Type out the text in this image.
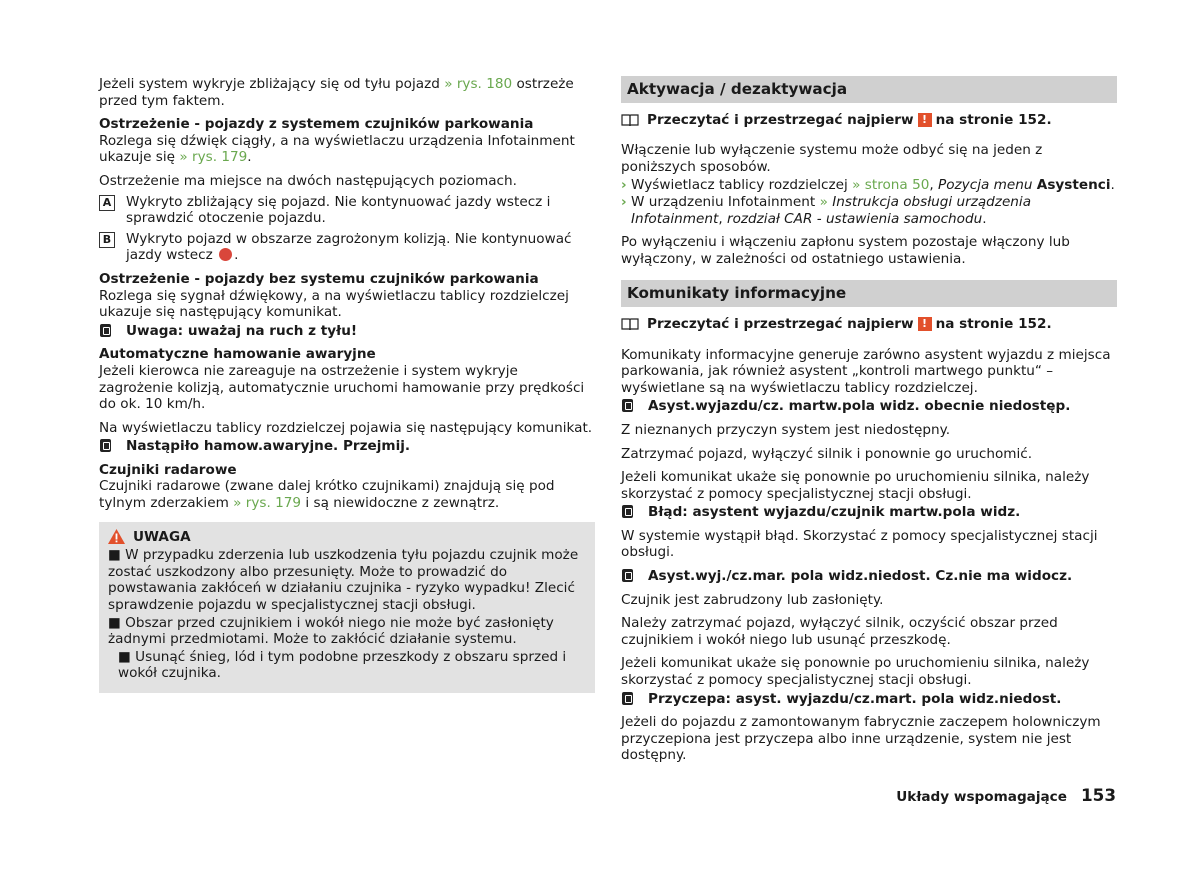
Jeżeli system wykryje zbliżający się od tyłu pojazd » rys. 180 ostrzeże przed tym faktem.

Ostrzeżenie - pojazdy z systemem czujników parkowania

Rozlega się dźwięk ciągły, a na wyświetlaczu urządzenia Infotainment ukazuje się » rys. 179.

Ostrzeżenie ma miejsce na dwóch następujących poziomach.

A Wykryto zbliżający się pojazd. Nie kontynuować jazdy wstecz i sprawdzić otoczenie pojazdu.
B Wykryto pojazd w obszarze zagrożonym kolizją. Nie kontynuować jazdy wstecz .
Ostrzeżenie - pojazdy bez systemu czujników parkowania
Rozlega się sygnał dźwiękowy, a na wyświetlaczu tablicy rozdzielczej ukazuje się następujący komunikat.
Uwaga: uważaj na ruch z tyłu!
Automatyczne hamowanie awaryjne

Jeżeli kierowca nie zareaguje na ostrzeżenie i system wykryje zagrożenie kolizją, automatycznie uruchomi hamowanie przy prędkości do ok. 10 km/h.

Na wyświetlaczu tablicy rozdzielczej pojawia się następujący komunikat.

Nastąpiło hamow.awaryjne. Przejmij.
Czujniki radarowe

Czujniki radarowe (zwane dalej krótko czujnikami) znajdują się pod tylnym zderzakiem » rys. 179 i są niewidoczne z zewnątrz.

UWAGA
■ W przypadku zderzenia lub uszkodzenia tyłu pojazdu czujnik może zostać uszkodzony albo przesunięty. Może to prowadzić do powstawania zakłóceń w działaniu czujnika - ryzyko wypadku! Zlecić sprawdzenie pojazdu w specjalistycznej stacji obsługi.
■ Obszar przed czujnikiem i wokół niego nie może być zasłonięty żadnymi przedmiotami. Może to zakłócić działanie systemu.
■ Usunąć śnieg, lód i tym podobne przeszkody z obszaru sprzed i wokół czujnika.
Aktywacja / dezaktywacja
Przeczytać i przestrzegać najpierw ! na stronie 152.

Włączenie lub wyłączenie systemu może odbyć się na jeden z poniższych sposobów.

› Wyświetlacz tablicy rozdzielczej » strona 50, Pozycja menu Asystenci.
› W urządzeniu Infotainment » Instrukcja obsługi urządzenia Infotainment, rozdział CAR - ustawienia samochodu.

Po wyłączeniu i włączeniu zapłonu system pozostaje włączony lub wyłączony, w zależności od ostatniego ustawienia.

Komunikaty informacyjne
Przeczytać i przestrzegać najpierw ! na stronie 152.

Komunikaty informacyjne generuje zarówno asystent wyjazdu z miejsca parkowania, jak również asystent „kontroli martwego punktu“ – wyświetlane są na wyświetlaczu tablicy rozdzielczej.

Asyst.wyjazdu/cz. martw.pola widz. obecnie niedostęp.

Z nieznanych przyczyn system jest niedostępny.

Zatrzymać pojazd, wyłączyć silnik i ponownie go uruchomić.

Jeżeli komunikat ukaże się ponownie po uruchomieniu silnika, należy skorzystać z pomocy specjalistycznej stacji obsługi.

Błąd: asystent wyjazdu/czujnik martw.pola widz.

W systemie wystąpił błąd. Skorzystać z pomocy specjalistycznej stacji obsługi.

Asyst.wyj./cz.mar. pola widz.niedost. Cz.nie ma widocz.

Czujnik jest zabrudzony lub zasłonięty.

Należy zatrzymać pojazd, wyłączyć silnik, oczyścić obszar przed czujnikiem i wokół niego lub usunąć przeszkodę.

Jeżeli komunikat ukaże się ponownie po uruchomieniu silnika, należy skorzystać z pomocy specjalistycznej stacji obsługi.

Przyczepa: asyst. wyjazdu/cz.mart. pola widz.niedost.

Jeżeli do pojazdu z zamontowanym fabrycznie zaczepem holowniczym przyczepiona jest przyczepa albo inne urządzenie, system nie jest dostępny.

Układy wspomagające 153
